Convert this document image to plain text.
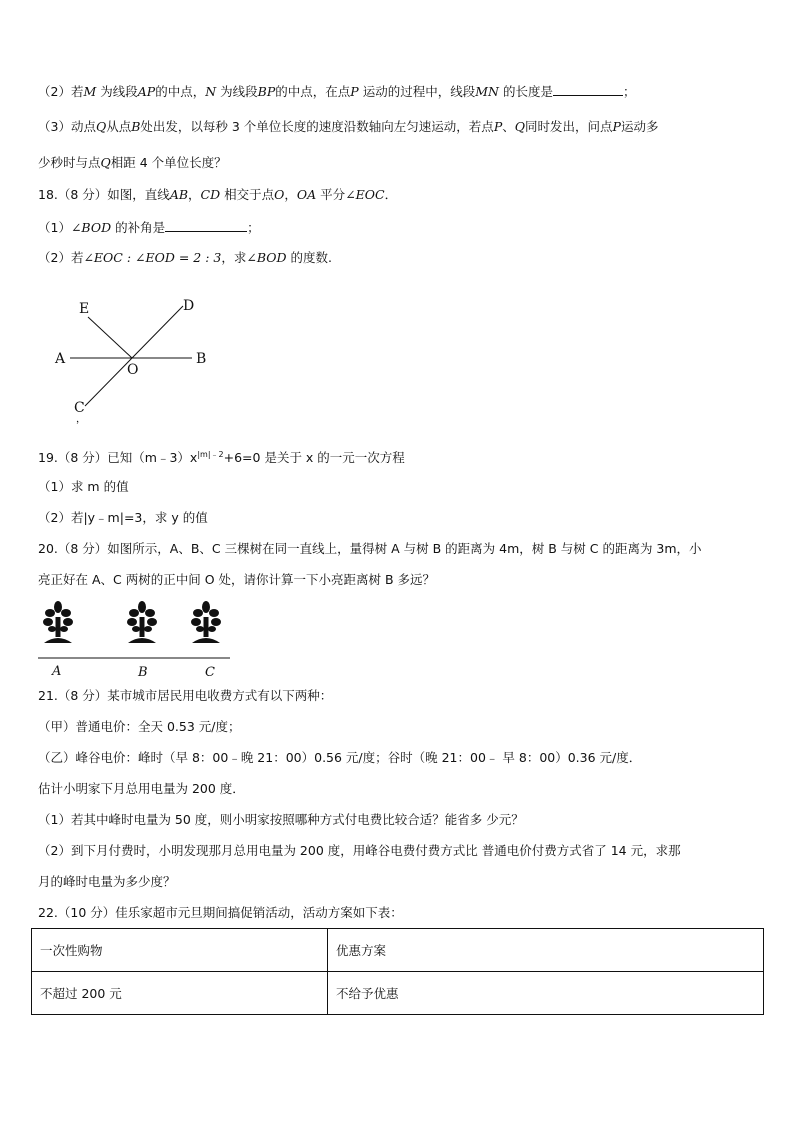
（2）若M 为线段AP的中点，N 为线段BP的中点，在点P 运动的过程中，线段MN 的长度是	；
（3）动点Q从点B处出发，以每秒 3 个单位长度的速度沿数轴向左匀速运动，若点P、Q同时发出，问点P运动多
少秒时与点Q相距 4 个单位长度？
18.（8 分）如图，直线AB，CD 相交于点O，OA 平分∠EOC．
（1）∠BOD 的补角是	；
（2）若∠EOC : ∠EOD = 2 : 3，求∠BOD 的度数.
E	D
A	B
O
C
，
19.（8 分）已知$(m﹣3)x^{|m|﹣2}+6=0$ 是关于 x 的一元一次方程
（1）求 m 的值
（2）若|y﹣m|=3，求 y 的值
20.（8 分）如图所示，A、B、C 三棵树在同一直线上，量得树 A 与树 B 的距离为 4m，树 B 与树 C 的距离为 3m，小
亮正好在 A、C 两树的正中间 O 处，请你计算一下小亮距离树 B 多远？
A	B	C
21.（8 分）某市城市居民用电收费方式有以下两种：
（甲）普通电价：全天 0.53 元/度；
（乙）峰谷电价：峰时（早 8：00﹣晚 21：00）0.56 元/度；谷时（晚 21：00﹣ 早 8：00）0.36 元/度．
估计小明家下月总用电量为 200 度．
（1）若其中峰时电量为 50 度，则小明家按照哪种方式付电费比较合适？能省多 少元？
（2）到下月付费时，小明发现那月总用电量为 200 度，用峰谷电费付费方式比 普通电价付费方式省了 14 元，求那
月的峰时电量为多少度？
22.（10 分）佳乐家超市元旦期间搞促销活动，活动方案如下表：
一次性购物	优惠方案
不超过 200 元	不给予优惠
